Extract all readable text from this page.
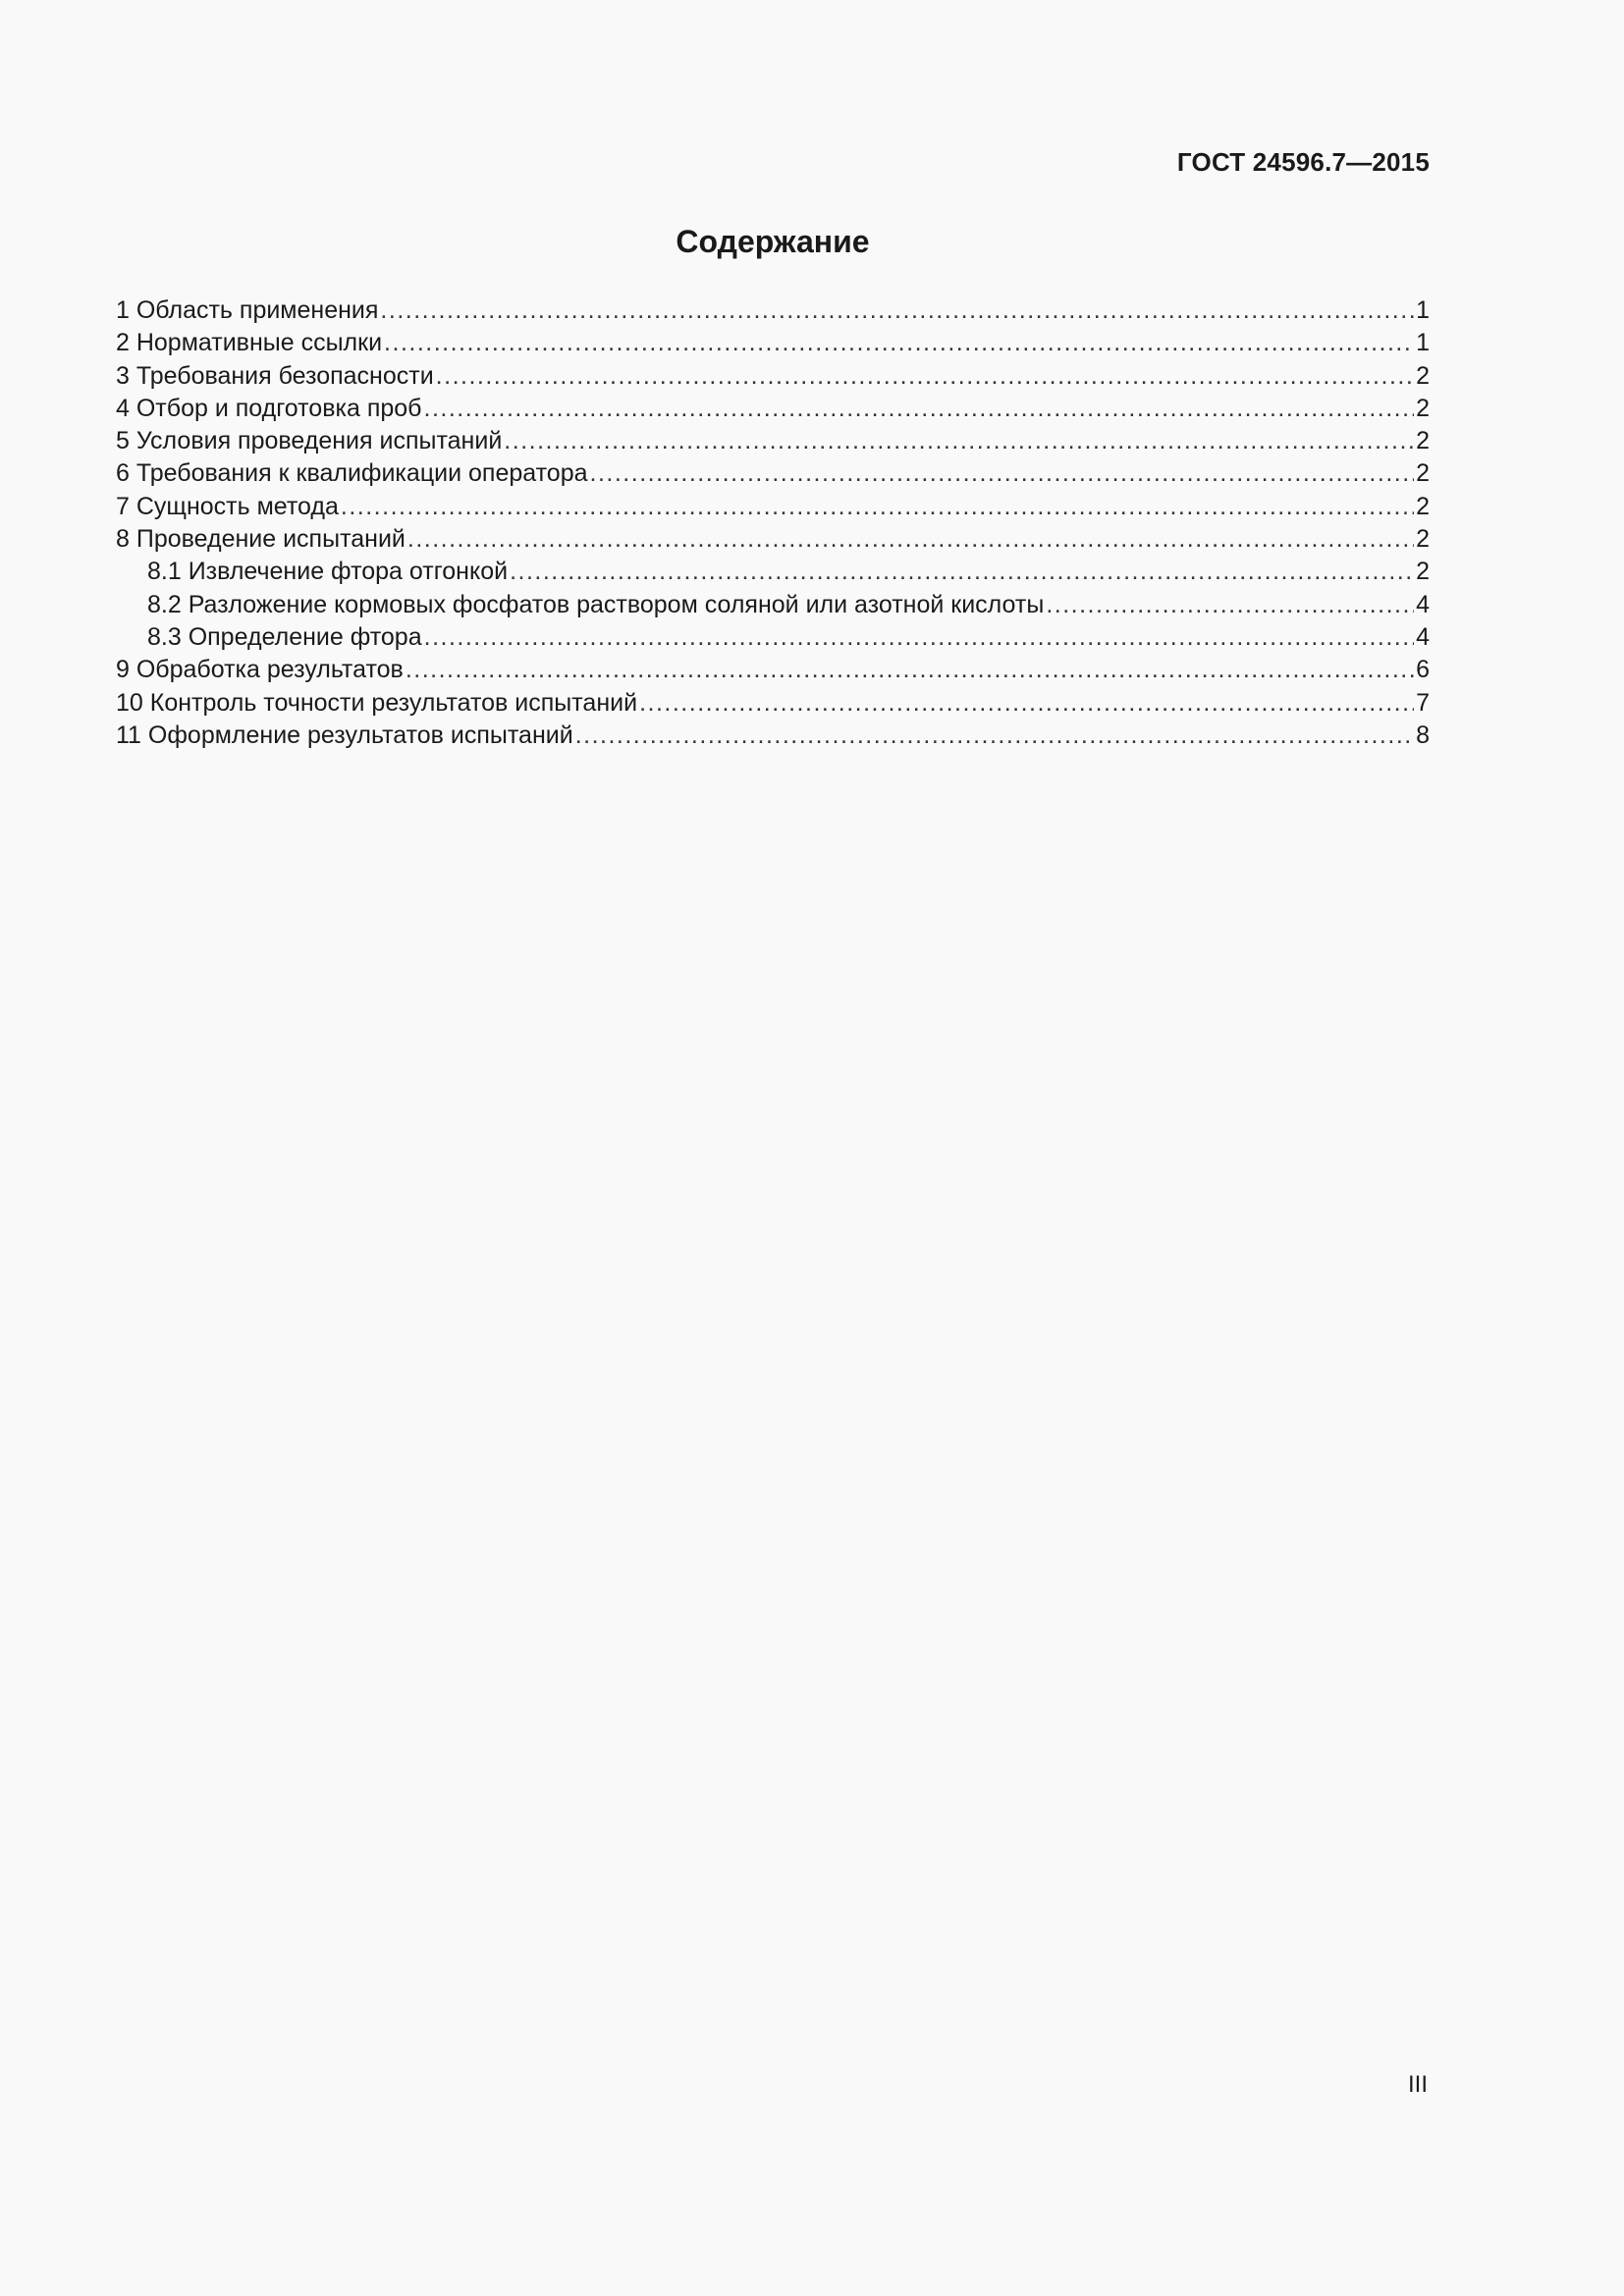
ГОСТ 24596.7—2015
Содержание
1 Область применения .....	1
2 Нормативные ссылки .....	1
3 Требования безопасности .....	2
4 Отбор и подготовка проб .....	2
5 Условия проведения испытаний .....	2
6 Требования к квалификации оператора .....	2
7 Сущность метода .....	2
8 Проведение испытаний .....	2
8.1 Извлечение фтора отгонкой .....	2
8.2 Разложение кормовых фосфатов раствором соляной или азотной кислоты .....	4
8.3 Определение фтора .....	4
9 Обработка результатов .....	6
10 Контроль точности результатов испытаний .....	7
11 Оформление результатов испытаний .....	8
III
